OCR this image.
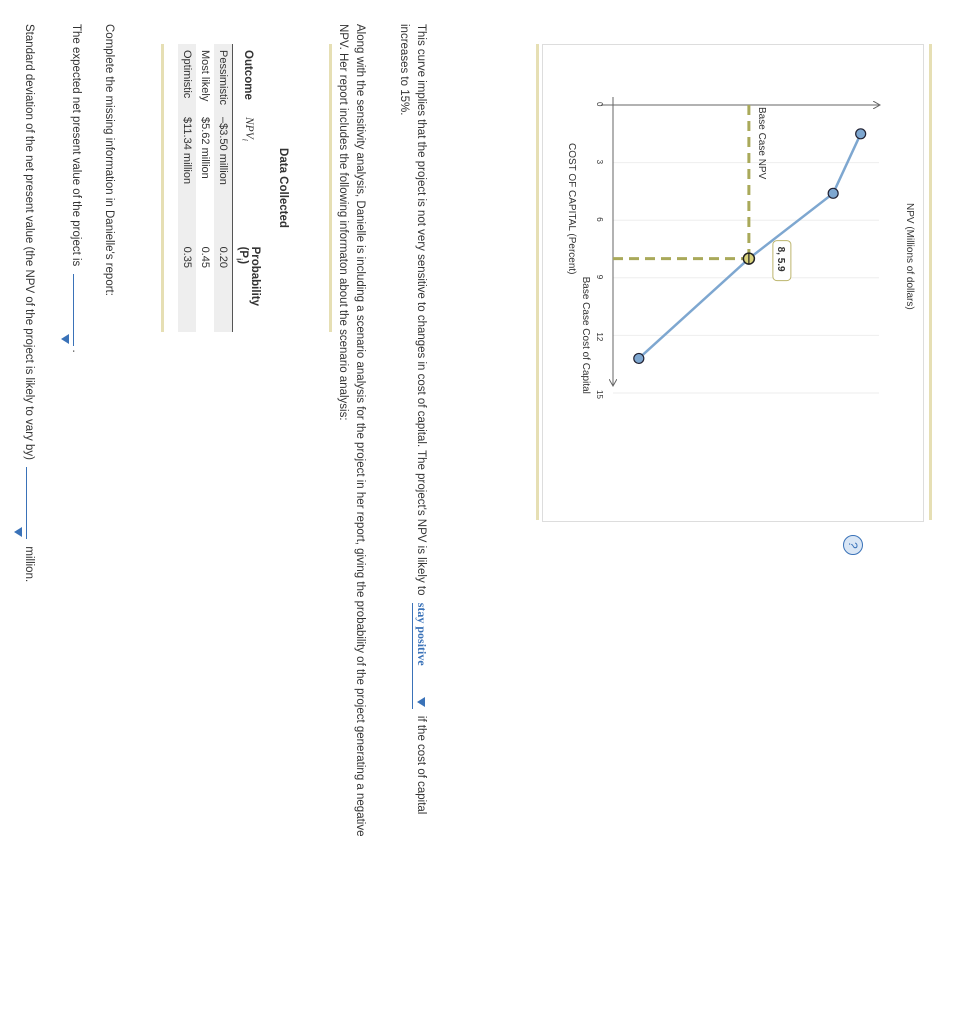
NPV (Millions of dollars)
0
3
6
9
12
15
COST OF CAPITAL (Percent)
Base Case Cost of Capital
Base Case NPV
8, 5.9
?
This curve implies that the project is not very sensitive to changes in cost of capital. The project's NPV is likely to stay positive
if the cost of capital increases to 15%.
Along with the sensitivity analysis, Danielle is including a scenario analysis for the project in her report, giving the probability of the project generating a negative NPV. Her report includes the following informaton about the scenario analysis:
Data Collected
Outcome	$NPV_i$	Probability $(P_i)$
Pessimistic	–$3.50 million	0.20
Most likely	$5.62 million	0.45
Optimistic	$11.34 million	0.35
Complete the missing information in Danielle's report:
The expected net present value of the project is
.
Standard deviation of the net present value (the NPV of the project is likely to vary by)
million.
